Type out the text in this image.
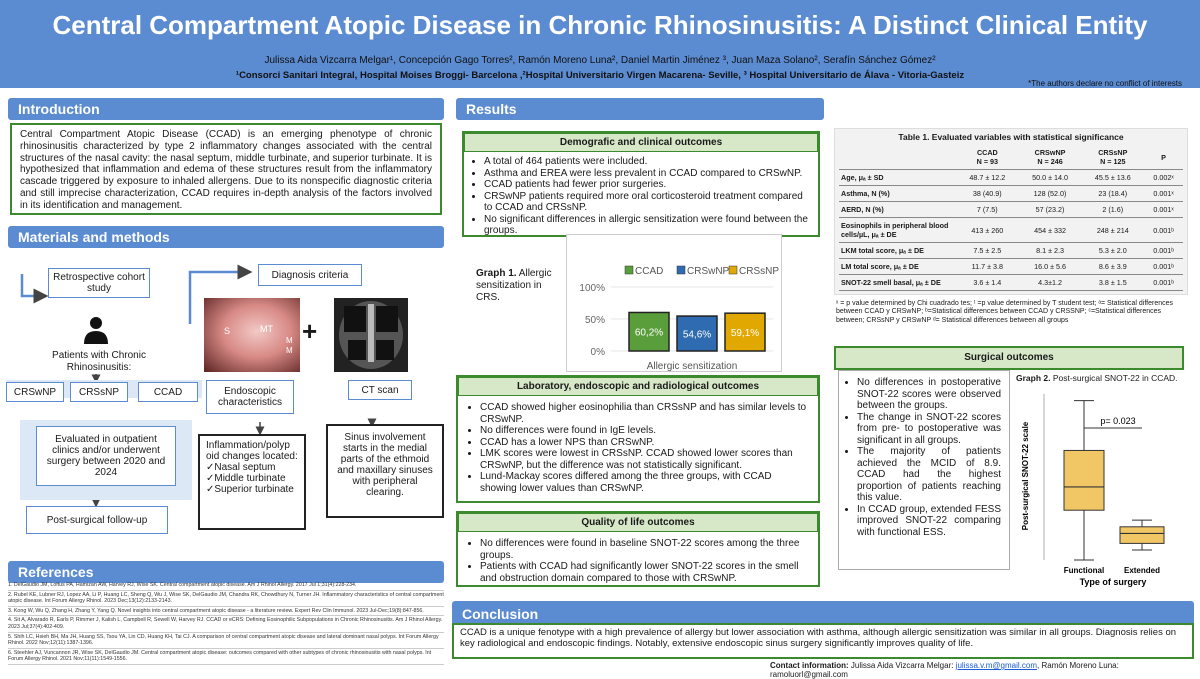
Central Compartment Atopic Disease in Chronic Rhinosinusitis: A Distinct Clinical Entity
Julissa Aida Vizcarra Melgar¹, Concepción Gago Torres², Ramón Moreno Luna², Daniel Martin Jiménez ³, Juan Maza Solano², Serafín Sánchez Gómez²
¹Consorci Sanitari Integral, Hospital Moises Broggi- Barcelona ,²Hospital Universitario Virgen Macarena- Seville, ³ Hospital Universitario de Álava - Vitoria-Gasteiz
*The authors declare no conflict of interests
Introduction
Central Compartment Atopic Disease (CCAD) is an emerging phenotype of chronic rhinosinusitis characterized by type 2 inflammatory changes associated with the central structures of the nasal cavity: the nasal septum, middle turbinate, and superior turbinate. It is hypothesized that inflammation and edema of these structures result from the inflammatory cascade triggered by exposure to inhaled allergens. Due to its nonspecific diagnostic criteria and still imprecise characterization, CCAD requires in-depth analysis of the factors involved in its identification and management.
Materials and methods
Retrospective cohort study
Patients with Chronic Rhinosinusitis:
CRSwNP	CRSsNP	CCAD
Evaluated in outpatient clinics and/or underwent surgery between 2020 and 2024
Post-surgical follow-up
Diagnosis criteria
S	MT
M
M
+
Endoscopic characteristics
CT scan
Inflammation/polyp oid changes located:
✓Nasal septum
✓Middle turbinate
✓Superior turbinate
Sinus involvement starts in the medial parts of the ethmoid and maxillary sinuses with peripheral clearing.
References
1. DelGaudio JM, Loftus PA, Hamizan AW, Harvey RJ, Wise SK. Central compartment atopic disease. Am J Rhinol Allergy. 2017 Jul 1;31(4):228-234.
2. Rubel KE, Lubner RJ, Lopez AA, Li P, Huang LC, Sheng Q, Wu J, Wise SK, DelGaudio JM, Chandra RK, Chowdhury N, Turner JH. Inflammatory characteristics of central compartment atopic disease. Int Forum Allergy Rhinol. 2023 Dec;13(12):2133-2143.
3. Kong W, Wu Q, Zhang H, Zhang Y, Yang Q. Novel insights into central compartment atopic disease - a literature review. Expert Rev Clin Immunol. 2023 Jul-Dec;19(8):847-856.
4. Sit A, Alvarado R, Earls P, Rimmer J, Kalish L, Campbell R, Sewell W, Harvey RJ. CCAD or eCRS: Defining Eosinophilic Subpopulations in Chronic Rhinosinusitis. Am J Rhinol Allergy. 2023 Jul;37(4):402-409.
5. Shih LC, Hsieh BH, Ma JH, Huang SS, Tsou YA, Lin CD, Huang KH, Tai CJ. A comparison of central compartment atopic disease and lateral dominant nasal polyps. Int Forum Allergy Rhinol. 2022 Nov;12(11):1387-1396.
6. Steehler AJ, Vuncannon JR, Wise SK, DelGaudio JM. Central compartment atopic disease: outcomes compared with other subtypes of chronic rhinosinusitis with nasal polyps. Int Forum Allergy Rhinol. 2021 Nov;11(11):1549-1556.
Results
Demografic and clinical outcomes
• A total of 464 patients were included.
• Asthma and EREA were less prevalent in CCAD compared to CRSwNP.
• CCAD patients had fewer prior surgeries.
• CRSwNP patients required more oral corticosteroid treatment compared to CCAD and CRSsNP.
• No significant differences in allergic sensitization were found between the groups.
Graph 1. Allergic sensitization in CRS.
CCAD CRSwNP CRSsNP
0%
50%
100%
60,2% 54,6% 59,1%
Allergic sensitization
Laboratory, endoscopic and radiological outcomes
• CCAD showed higher eosinophilia than CRSsNP and has similar levels to CRSwNP.
• No differences were found in IgE levels.
• CCAD has a lower NPS than CRSwNP.
• LMK scores were lowest in CRSsNP. CCAD showed lower scores than CRSwNP, but the difference was not statistically significant.
• Lund-Mackay scores differed among the three groups, with CCAD showing lower values than CRSwNP.
Quality of life outcomes
• No differences were found in baseline SNOT-22 scores among the three groups.
• Patients with CCAD had significantly lower SNOT-22 scores in the smell and obstruction domain compared to those with CRSwNP.
Table 1. Evaluated variables with statistical significance
	CCAD
N = 93	CRSwNP
N = 246	CRSsNP
N = 125	P
Age, μₐ ± SD	48.7 ± 12.2	50.0 ± 14.0	45.5 ± 13.6	0.002ˣ
Asthma, N (%)	38 (40.9)	128 (52.0)	23 (18.4)	0.001ˣ
AERD, N (%)	7 (7.5)	57 (23.2)	2 (1.6)	0.001ˣ
Eosinophils in peripheral blood cells/µL, μₐ ± DE	413 ± 260	454 ± 332	248 ± 214	0.001ᵇ
LKM total score, μₐ ± DE	7.5 ± 2.5	8.1 ± 2.3	5.3 ± 2.0	0.001ᵇ
LM total score, μₐ ± DE	11.7 ± 3.8	16.0 ± 5.6	8.6 ± 3.9	0.001ᵇ
SNOT-22 smell basal, μₐ ± DE	3.6 ± 1.4	4.3±1.2	3.8 ± 1.5	0.001ᵇ
ˣ = p value determined by Chi cuadrado tes; ᵗ =p value determined by T student test; ᵃ= Statistical differences between CCAD y CRSwNP; ᵇ=Statistical differences between CCAD y CRSSNP; ᶜ=Statistical differences between; CRSsNP y CRSwNP ᵈ= Statistical differences between all groups
Surgical outcomes
• No differences in postoperative SNOT-22 scores were observed between the groups.
• The change in SNOT-22 scores from pre- to postoperative was significant in all groups.
• The majority of patients achieved the MCID of 8.9. CCAD had the highest proportion of patients reaching this value.
• In CCAD group, extended FESS improved SNOT-22 comparing with functional ESS.
Graph 2. Post-surgical SNOT-22 in CCAD.
Functional Extended
p= 0.023
Type of surgery
Post-surgical SNOT-22 scale
Conclusion
CCAD is a unique fenotype with a high prevalence of allergy but lower association with asthma, although allergic sensitization was similar in all groups. Diagnosis relies on key radiological and endoscopic findings. Notably, extensive endoscopic sinus surgery significantly improves quality of life.
Contact information: Julissa Aida Vizcarra Melgar: julissa.v.m@gmail.com, Ramón Moreno Luna: ramoluorl@gmail.com
